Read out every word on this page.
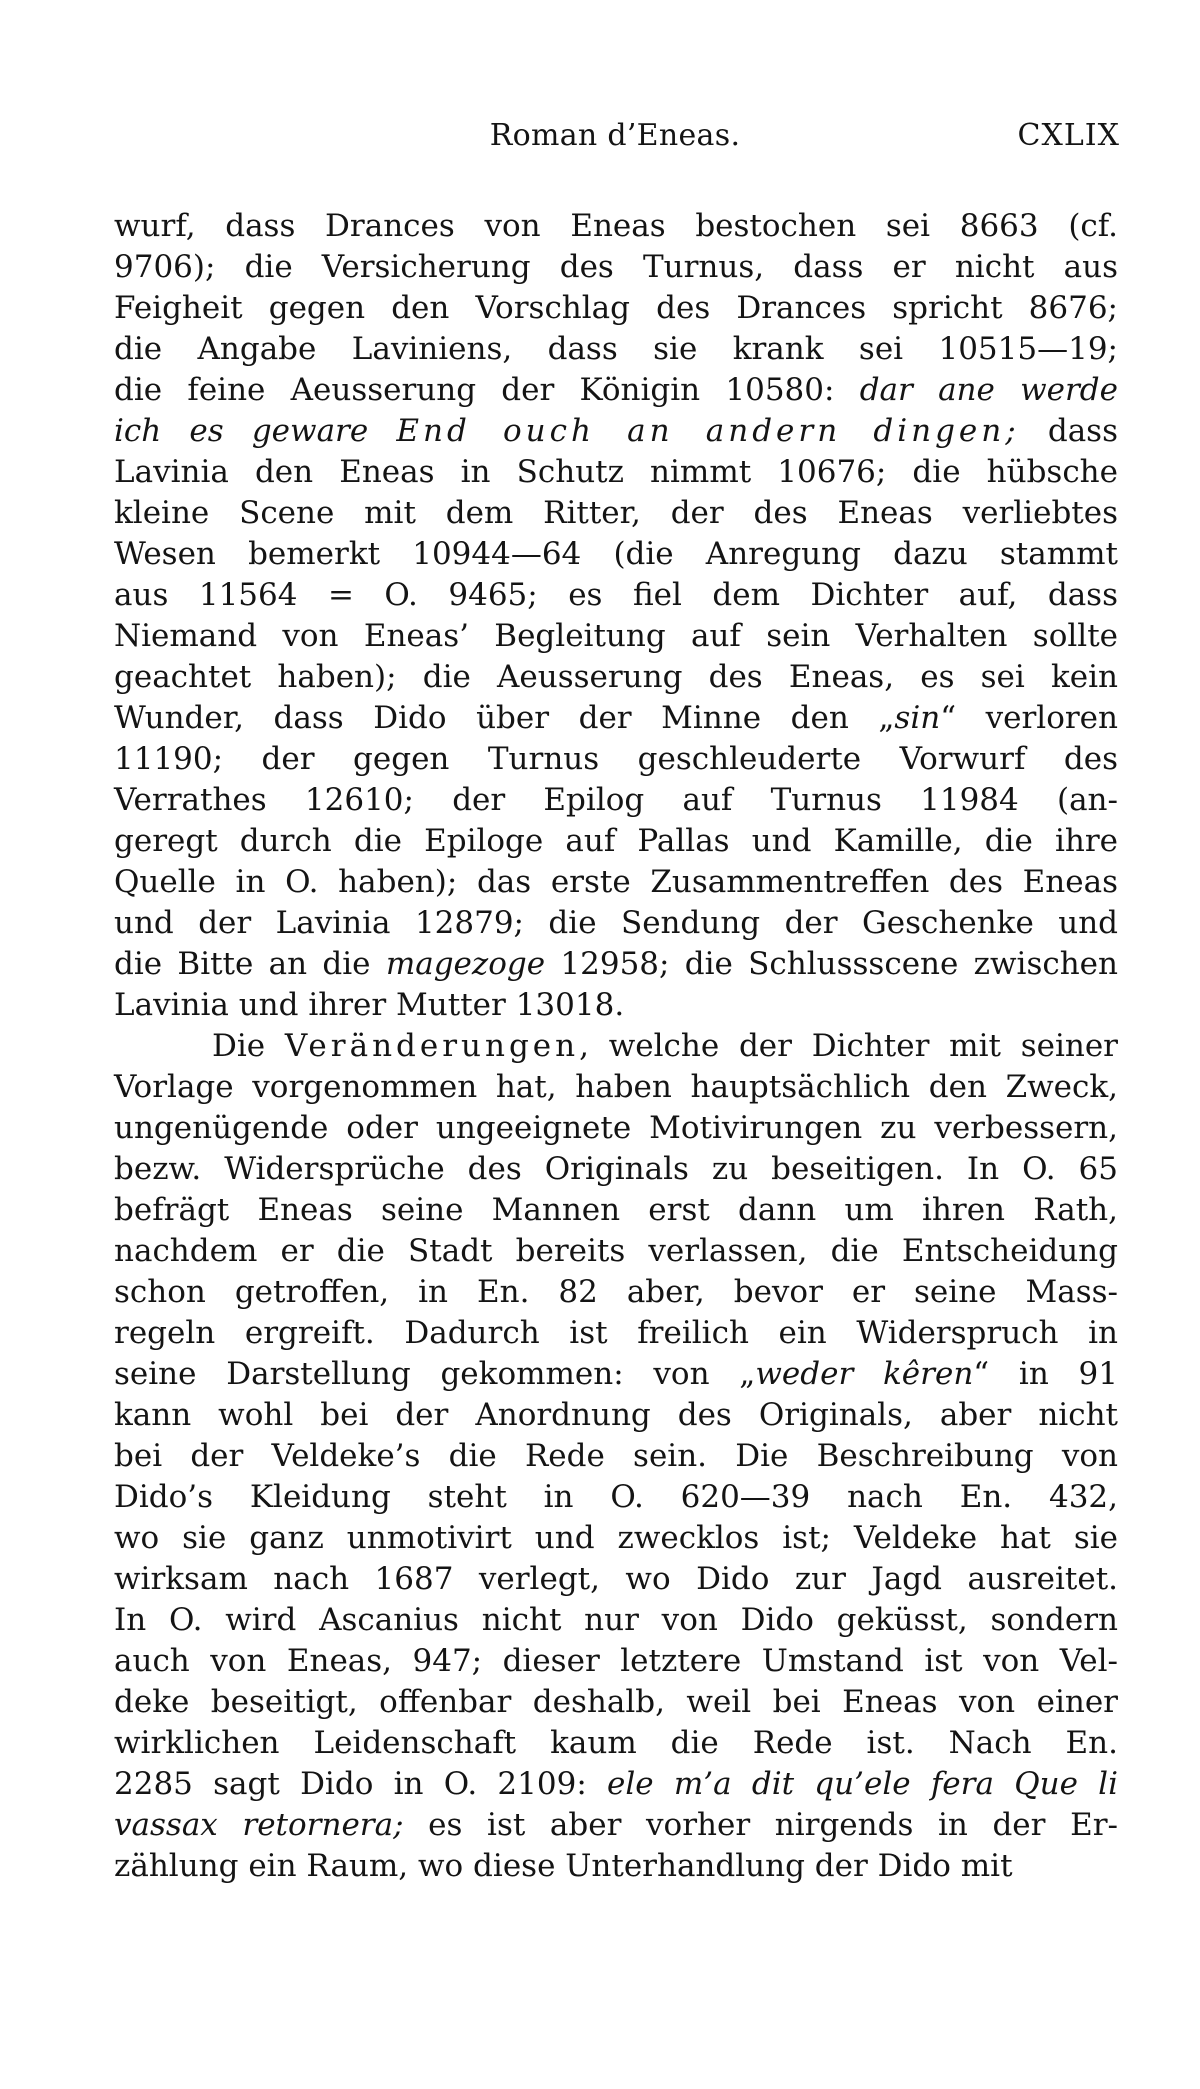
Roman d’Eneas.	CXLIX
wurf, dass Drances von Eneas bestochen sei 8663 (cf.
9706); die Versicherung des Turnus, dass er nicht aus
Feigheit gegen den Vorschlag des Drances spricht 8676;
die Angabe Laviniens, dass sie krank sei 10515—19;
die feine Aeusserung der Königin 10580: dar ane werde
ich es geware End ouch an andern dingen; dass
Lavinia den Eneas in Schutz nimmt 10676; die hübsche
kleine Scene mit dem Ritter, der des Eneas verliebtes
Wesen bemerkt 10944—64 (die Anregung dazu stammt
aus 11564 = O. 9465; es fiel dem Dichter auf, dass
Niemand von Eneas’ Begleitung auf sein Verhalten sollte
geachtet haben); die Aeusserung des Eneas, es sei kein
Wunder, dass Dido über der Minne den „sin“ verloren
11190; der gegen Turnus geschleuderte Vorwurf des
Verrathes 12610; der Epilog auf Turnus 11984 (an-
geregt durch die Epiloge auf Pallas und Kamille, die ihre
Quelle in O. haben); das erste Zusammentreffen des Eneas
und der Lavinia 12879; die Sendung der Geschenke und
die Bitte an die magezoge 12958; die Schlussscene zwischen
Lavinia und ihrer Mutter 13018.
Die Veränderungen, welche der Dichter mit seiner
Vorlage vorgenommen hat, haben hauptsächlich den Zweck,
ungenügende oder ungeeignete Motivirungen zu verbessern,
bezw. Widersprüche des Originals zu beseitigen. In O. 65
befrägt Eneas seine Mannen erst dann um ihren Rath,
nachdem er die Stadt bereits verlassen, die Entscheidung
schon getroffen, in En. 82 aber, bevor er seine Mass-
regeln ergreift. Dadurch ist freilich ein Widerspruch in
seine Darstellung gekommen: von „weder kêren“ in 91
kann wohl bei der Anordnung des Originals, aber nicht
bei der Veldeke’s die Rede sein. Die Beschreibung von
Dido’s Kleidung steht in O. 620—39 nach En. 432,
wo sie ganz unmotivirt und zwecklos ist; Veldeke hat sie
wirksam nach 1687 verlegt, wo Dido zur Jagd ausreitet.
In O. wird Ascanius nicht nur von Dido geküsst, sondern
auch von Eneas, 947; dieser letztere Umstand ist von Vel-
deke beseitigt, offenbar deshalb, weil bei Eneas von einer
wirklichen Leidenschaft kaum die Rede ist. Nach En.
2285 sagt Dido in O. 2109: ele m’a dit qu’ele fera Que li
vassax retornera; es ist aber vorher nirgends in der Er-
zählung ein Raum, wo diese Unterhandlung der Dido mit
